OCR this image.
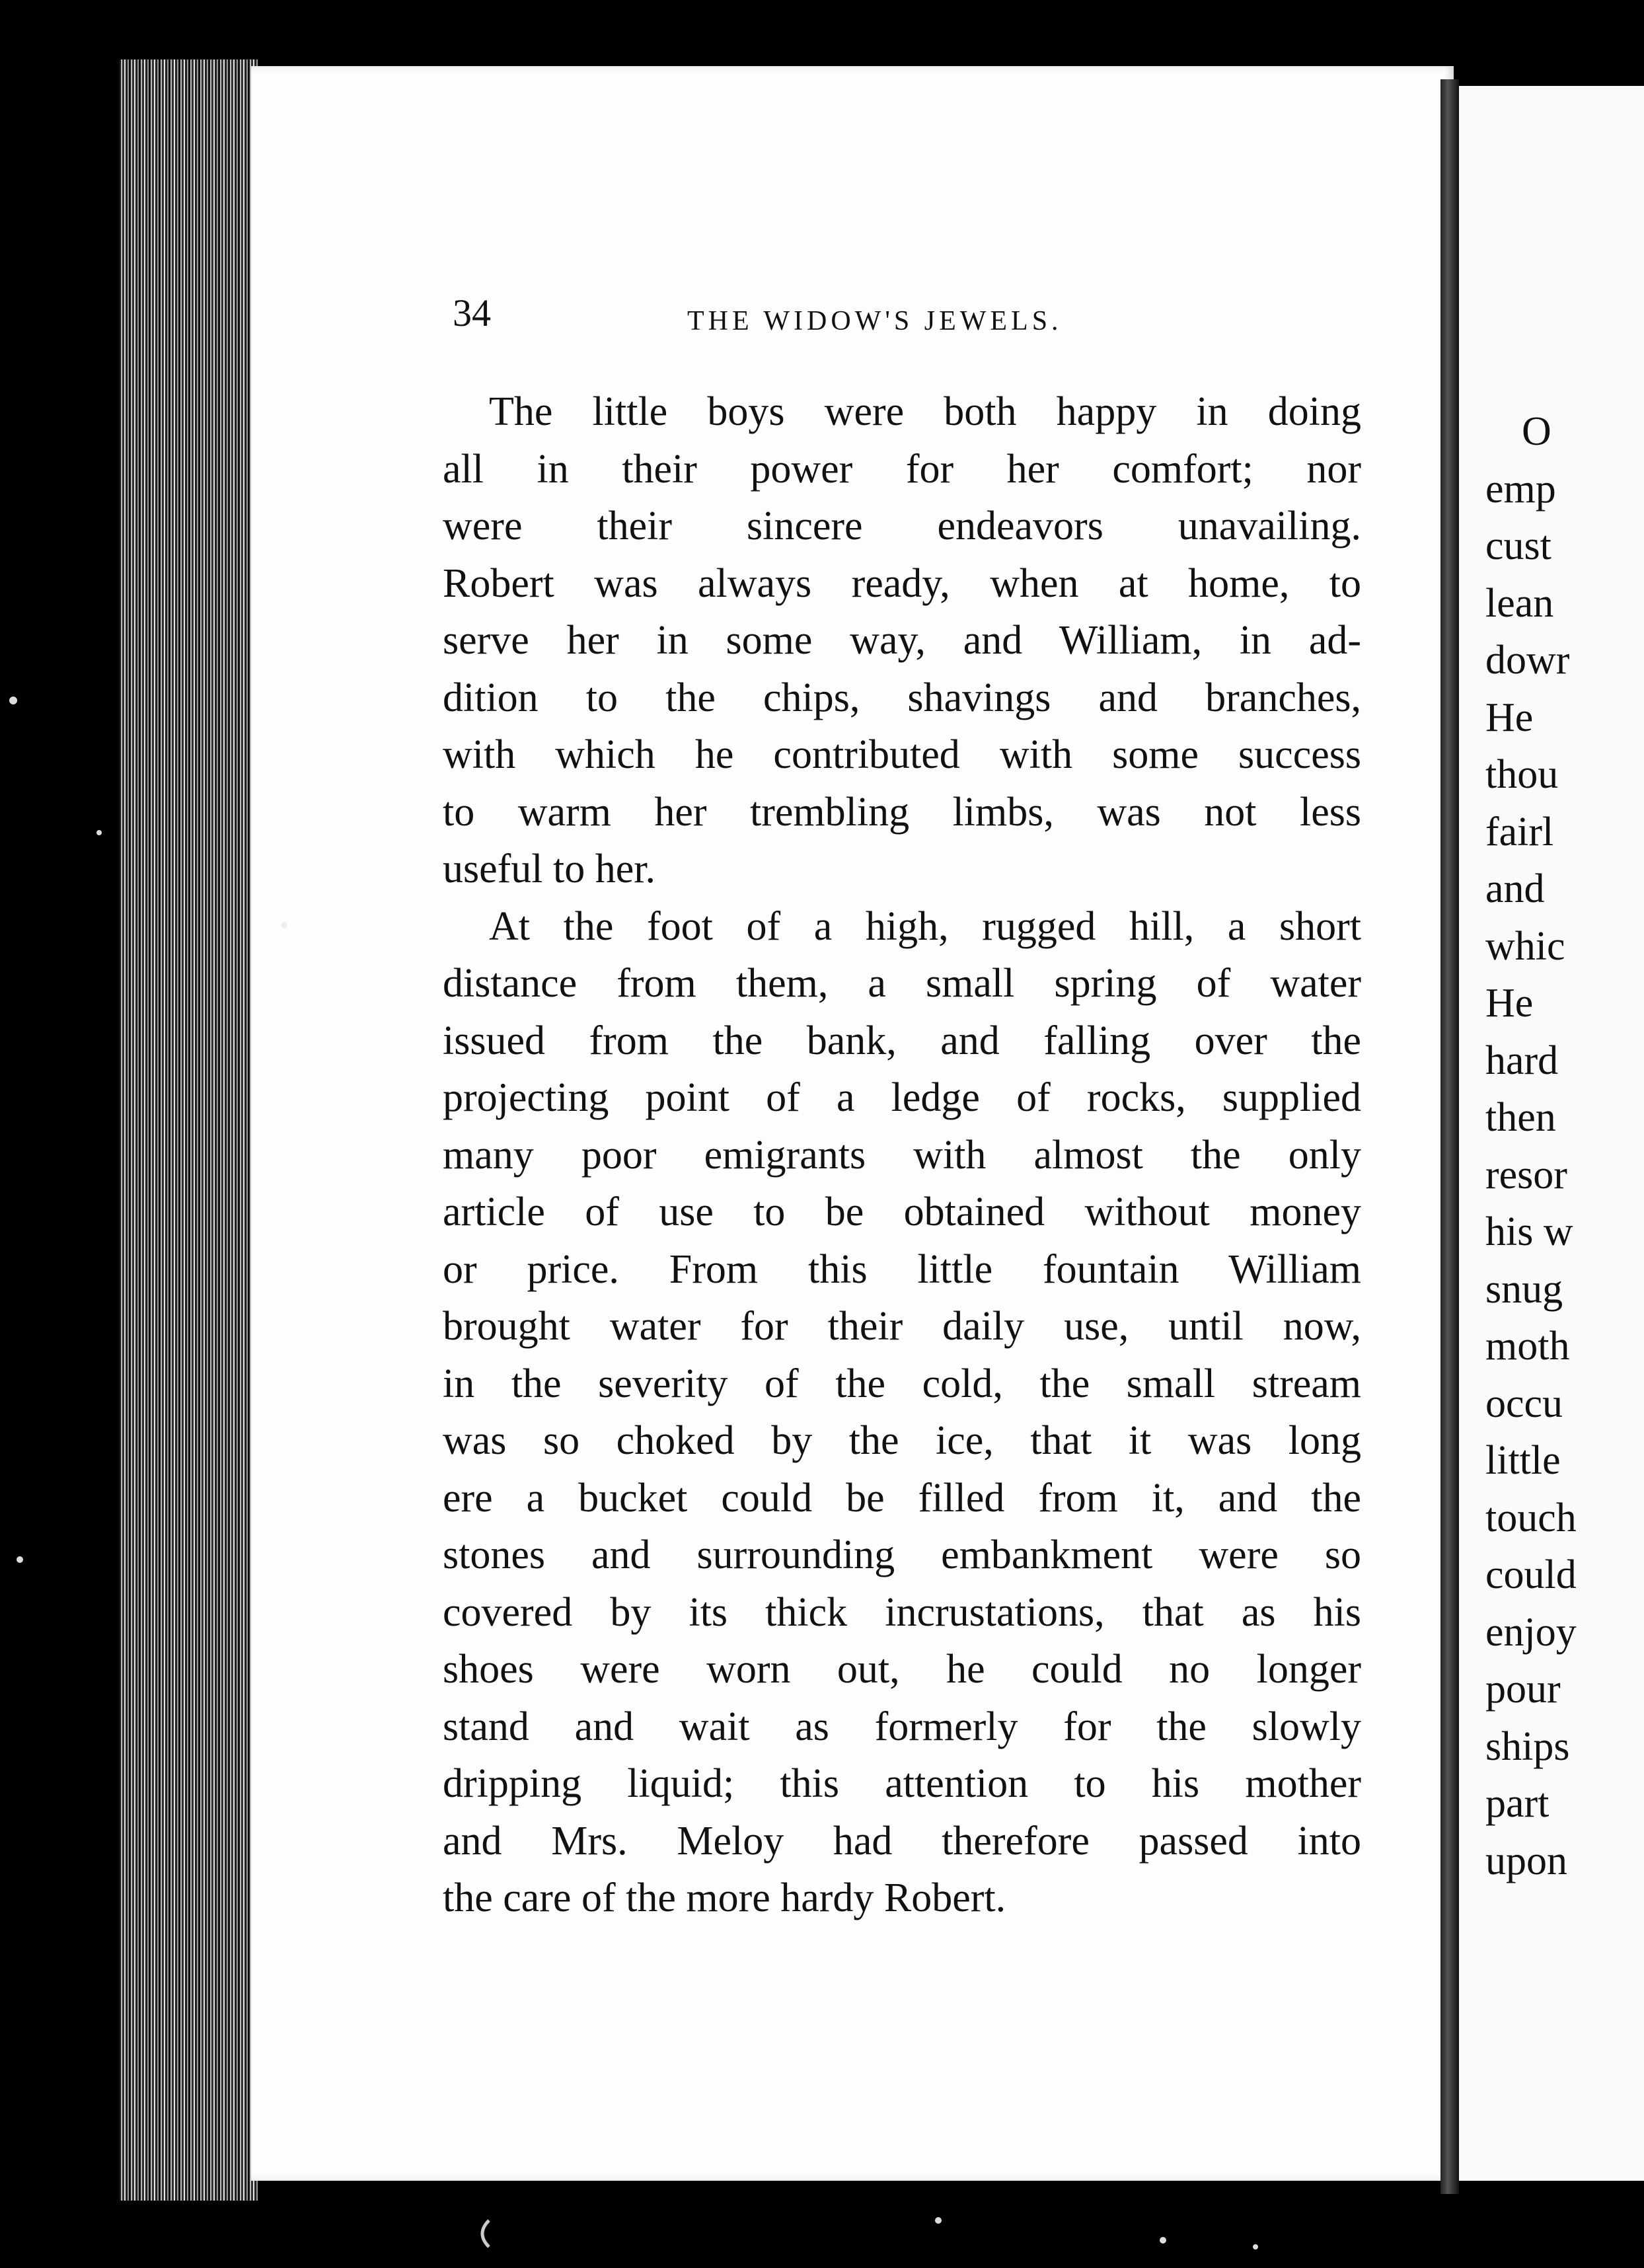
34	THE WIDOW'S JEWELS.

The little boys were both happy in doing
all in their power for her comfort; nor
were their sincere endeavors unavailing.
Robert was always ready, when at home, to
serve her in some way, and William, in ad-
dition to the chips, shavings and branches,
with which he contributed with some success
to warm her trembling limbs, was not less
useful to her.

At the foot of a high, rugged hill, a short
distance from them, a small spring of water
issued from the bank, and falling over the
projecting point of a ledge of rocks, supplied
many poor emigrants with almost the only
article of use to be obtained without money
or price. From this little fountain William
brought water for their daily use, until now,
in the severity of the cold, the small stream
was so choked by the ice, that it was long
ere a bucket could be filled from it, and the
stones and surrounding embankment were so
covered by its thick incrustations, that as his
shoes were worn out, he could no longer
stand and wait as formerly for the slowly
dripping liquid; this attention to his mother
and Mrs. Meloy had therefore passed into
the care of the more hardy Robert.

O
emp
cust
lean
dowr
He
thou
fairl
and
whic
He
hard
then
resor
his w
snug
moth
occu
little
touch
could
enjoy
pour
ships
part
upon
